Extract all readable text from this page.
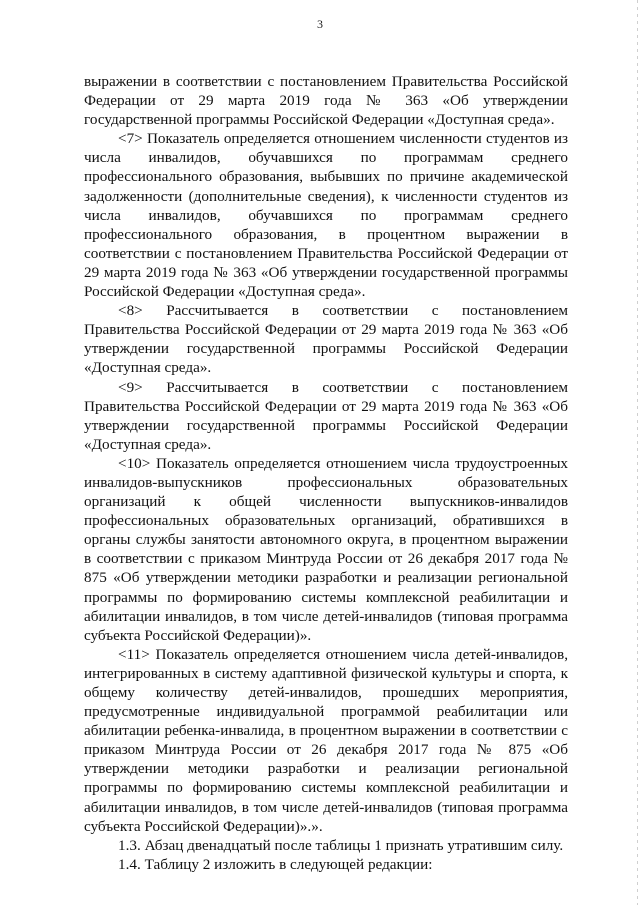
3

выражении в соответствии с постановлением Правительства Российской Федерации от 29 марта 2019 года № 363 «Об утверждении государственной программы Российской Федерации «Доступная среда».

<7> Показатель определяется отношением численности студентов из числа инвалидов, обучавшихся по программам среднего профессионального образования, выбывших по причине академической задолженности (дополнительные сведения), к численности студентов из числа инвалидов, обучавшихся по программам среднего профессионального образования, в процентном выражении в соответствии с постановлением Правительства Российской Федерации от 29 марта 2019 года № 363 «Об утверждении государственной программы Российской Федерации «Доступная среда».

<8> Рассчитывается в соответствии с постановлением Правительства Российской Федерации от 29 марта 2019 года № 363 «Об утверждении государственной программы Российской Федерации «Доступная среда».

<9> Рассчитывается в соответствии с постановлением Правительства Российской Федерации от 29 марта 2019 года № 363 «Об утверждении государственной программы Российской Федерации «Доступная среда».

<10> Показатель определяется отношением числа трудоустроенных инвалидов-выпускников профессиональных образовательных организаций к общей численности выпускников-инвалидов профессиональных образовательных организаций, обратившихся в органы службы занятости автономного округа, в процентном выражении в соответствии с приказом Минтруда России от 26 декабря 2017 года № 875 «Об утверждении методики разработки и реализации региональной программы по формированию системы комплексной реабилитации и абилитации инвалидов, в том числе детей-инвалидов (типовая программа субъекта Российской Федерации)».

<11> Показатель определяется отношением числа детей-инвалидов, интегрированных в систему адаптивной физической культуры и спорта, к общему количеству детей-инвалидов, прошедших мероприятия, предусмотренные индивидуальной программой реабилитации или абилитации ребенка-инвалида, в процентном выражении в соответствии с приказом Минтруда России от 26 декабря 2017 года № 875 «Об утверждении методики разработки и реализации региональной программы по формированию системы комплексной реабилитации и абилитации инвалидов, в том числе детей-инвалидов (типовая программа субъекта Российской Федерации)».».

1.3. Абзац двенадцатый после таблицы 1 признать утратившим силу.

1.4. Таблицу 2 изложить в следующей редакции:
